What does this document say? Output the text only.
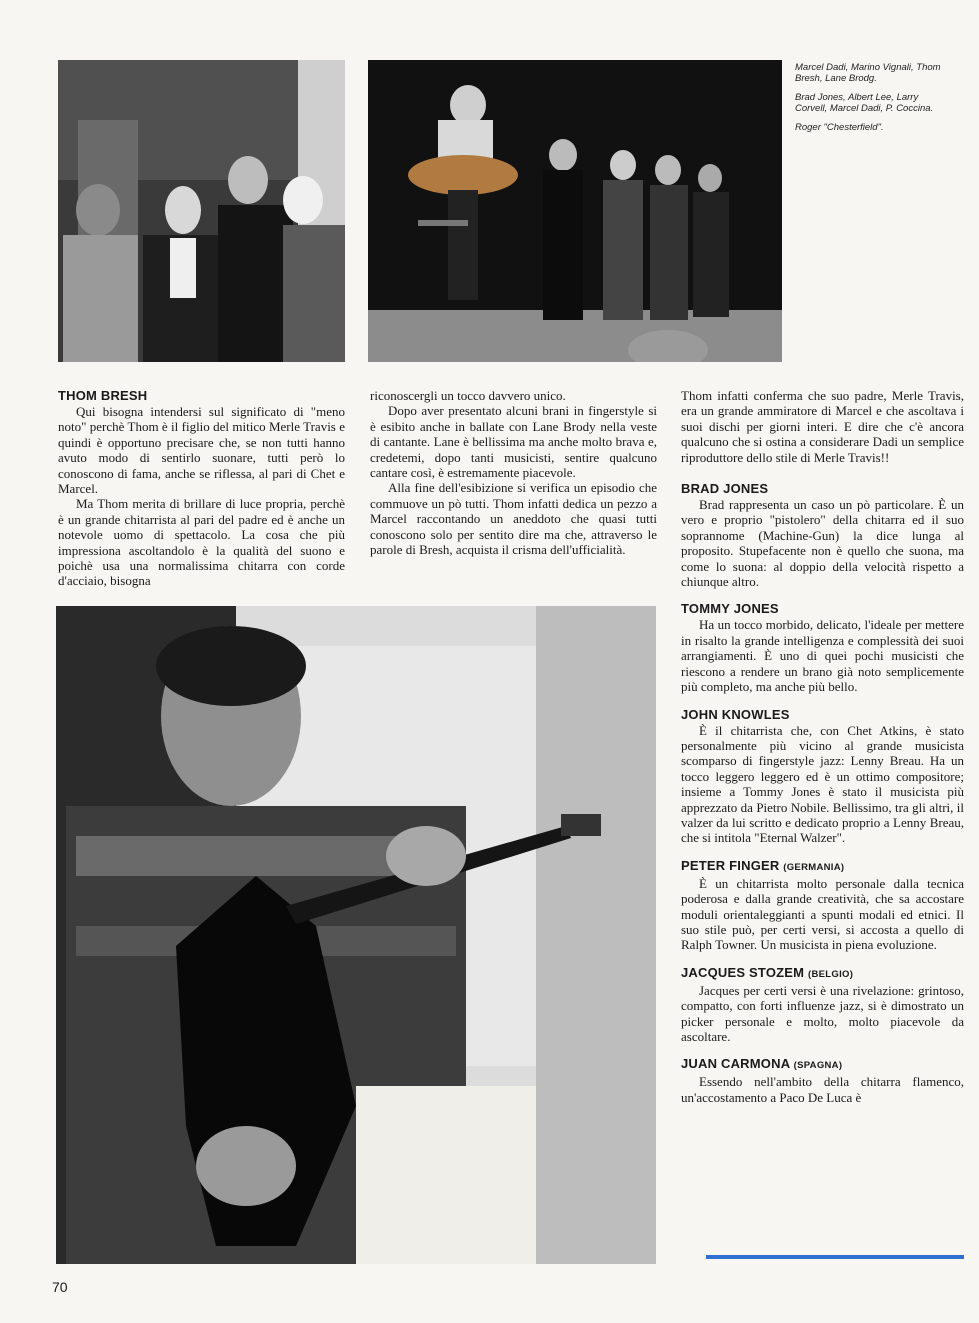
Marcel Dadi, Marino Vignali, Thom Bresh, Lane Brodg.

Brad Jones, Albert Lee, Larry Corvell, Marcel Dadi, P. Coccina.

Roger "Chesterfield".

THOM BRESH

Qui bisogna intendersi sul significato di "meno noto" perchè Thom è il figlio del mitico Merle Travis e quindi è opportuno precisare che, se non tutti hanno avuto modo di sentirlo suonare, tutti però lo conoscono di fama, anche se riflessa, al pari di Chet e Marcel.

Ma Thom merita di brillare di luce propria, perchè è un grande chitarrista al pari del padre ed è anche un notevole uomo di spettacolo. La cosa che più impressiona ascoltandolo è la qualità del suono e poichè usa una normalissima chitarra con corde d'acciaio, bisogna

riconoscergli un tocco davvero unico.

Dopo aver presentato alcuni brani in fingerstyle si è esibito anche in ballate con Lane Brody nella veste di cantante. Lane è bellissima ma anche molto brava e, credetemi, dopo tanti musicisti, sentire qualcuno cantare così, è estremamente piacevole.

Alla fine dell'esibizione si verifica un episodio che commuove un pò tutti. Thom infatti dedica un pezzo a Marcel raccontando un aneddoto che quasi tutti conoscono solo per sentito dire ma che, attraverso le parole di Bresh, acquista il crisma dell'ufficialità.

Thom infatti conferma che suo padre, Merle Travis, era un grande ammiratore di Marcel e che ascoltava i suoi dischi per giorni interi. E dire che c'è ancora qualcuno che si ostina a considerare Dadi un semplice riproduttore dello stile di Merle Travis!!

BRAD JONES

Brad rappresenta un caso un pò particolare. È un vero e proprio "pistolero" della chitarra ed il suo soprannome (Machine-Gun) la dice lunga al proposito. Stupefacente non è quello che suona, ma come lo suona: al doppio della velocità rispetto a chiunque altro.

TOMMY JONES

Ha un tocco morbido, delicato, l'ideale per mettere in risalto la grande intelligenza e complessità dei suoi arrangiamenti. È uno di quei pochi musicisti che riescono a rendere un brano già noto semplicemente più completo, ma anche più bello.

JOHN KNOWLES

È il chitarrista che, con Chet Atkins, è stato personalmente più vicino al grande musicista scomparso di fingerstyle jazz: Lenny Breau. Ha un tocco leggero leggero ed è un ottimo compositore; insieme a Tommy Jones è stato il musicista più apprezzato da Pietro Nobile. Bellissimo, tra gli altri, il valzer da lui scritto e dedicato proprio a Lenny Breau, che si intitola "Eternal Walzer".

PETER FINGER (GERMANIA)

È un chitarrista molto personale dalla tecnica poderosa e dalla grande creatività, che sa accostare moduli orientaleggianti a spunti modali ed etnici. Il suo stile può, per certi versi, si accosta a quello di Ralph Towner. Un musicista in piena evoluzione.

JACQUES STOZEM (BELGIO)

Jacques per certi versi è una rivelazione: grintoso, compatto, con forti influenze jazz, si è dimostrato un picker personale e molto, molto piacevole da ascoltare.

JUAN CARMONA (SPAGNA)

Essendo nell'ambito della chitarra flamenco, un'accostamento a Paco De Luca è

70
